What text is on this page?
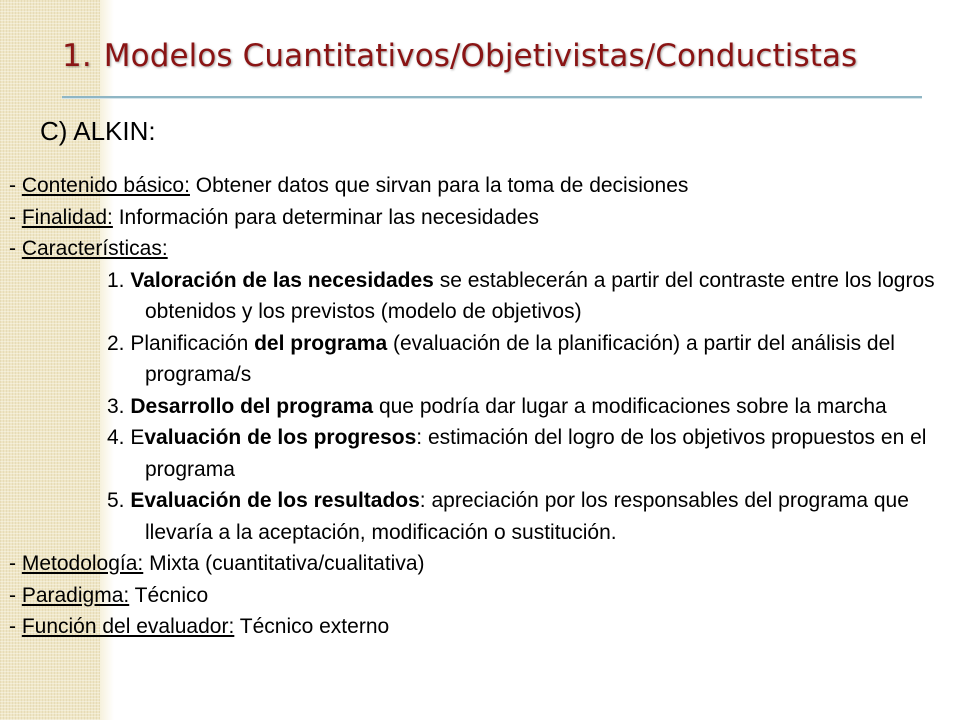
1. Modelos Cuantitativos/Objetivistas/Conductistas
C) ALKIN:
- Contenido básico: Obtener datos que sirvan para la toma de decisiones
- Finalidad: Información para determinar las necesidades
- Características:
1. Valoración de las necesidades se establecerán a partir del contraste entre los logros obtenidos y los previstos (modelo de objetivos)
2. Planificación del programa (evaluación de la planificación) a partir del análisis del programa/s
3. Desarrollo del programa que podría dar lugar a modificaciones sobre la marcha
4. Evaluación de los progresos: estimación del logro de los objetivos propuestos en el programa
5. Evaluación de los resultados: apreciación por los responsables del programa que llevaría a la aceptación, modificación o sustitución.
- Metodología: Mixta (cuantitativa/cualitativa)
- Paradigma: Técnico
- Función del evaluador: Técnico externo
